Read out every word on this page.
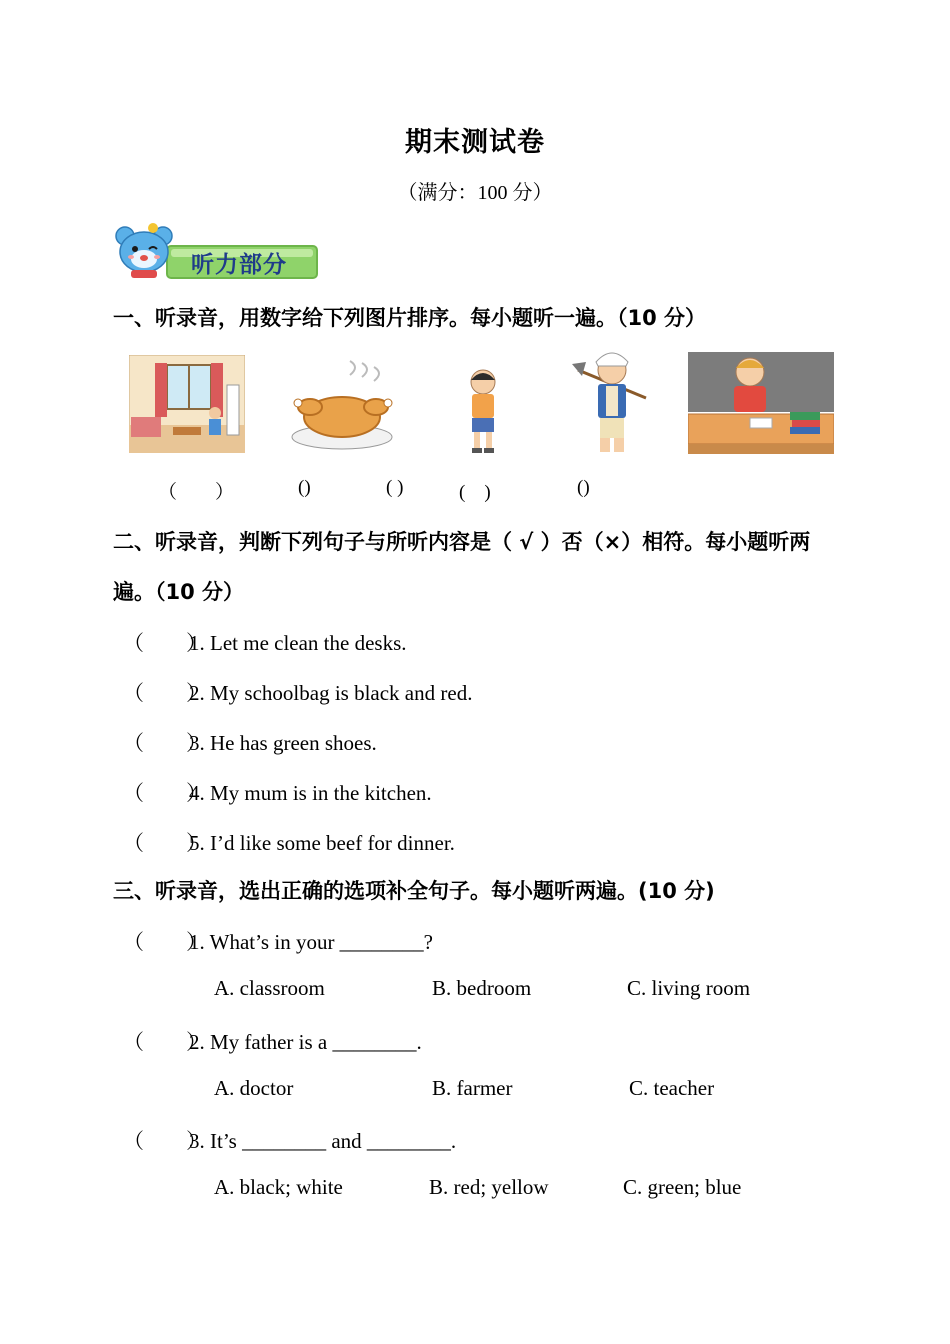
期末测试卷
（满分：100 分）
听力部分
一、听录音，用数字给下列图片排序。每小题听一遍。（10 分）
（　　）	()	( )	(　)	()
二、听录音，判断下列句子与所听内容是（ √ ）否（×）相符。每小题听两
遍。（10 分）
（　　）1. Let me clean the desks.
（　　）2. My schoolbag is black and red.
（　　）3. He has green shoes.
（　　）4. My mum is in the kitchen.
（　　）5. I’d like some beef for dinner.
三、听录音，选出正确的选项补全句子。每小题听两遍。(10 分)
（　　）1. What’s in your ________?
A. classroom	B. bedroom	C. living room
（　　）2. My father is a ________.
A. doctor	B. farmer	C. teacher
（　　）3. It’s ________ and ________.
A. black; white	B. red; yellow	C. green; blue
